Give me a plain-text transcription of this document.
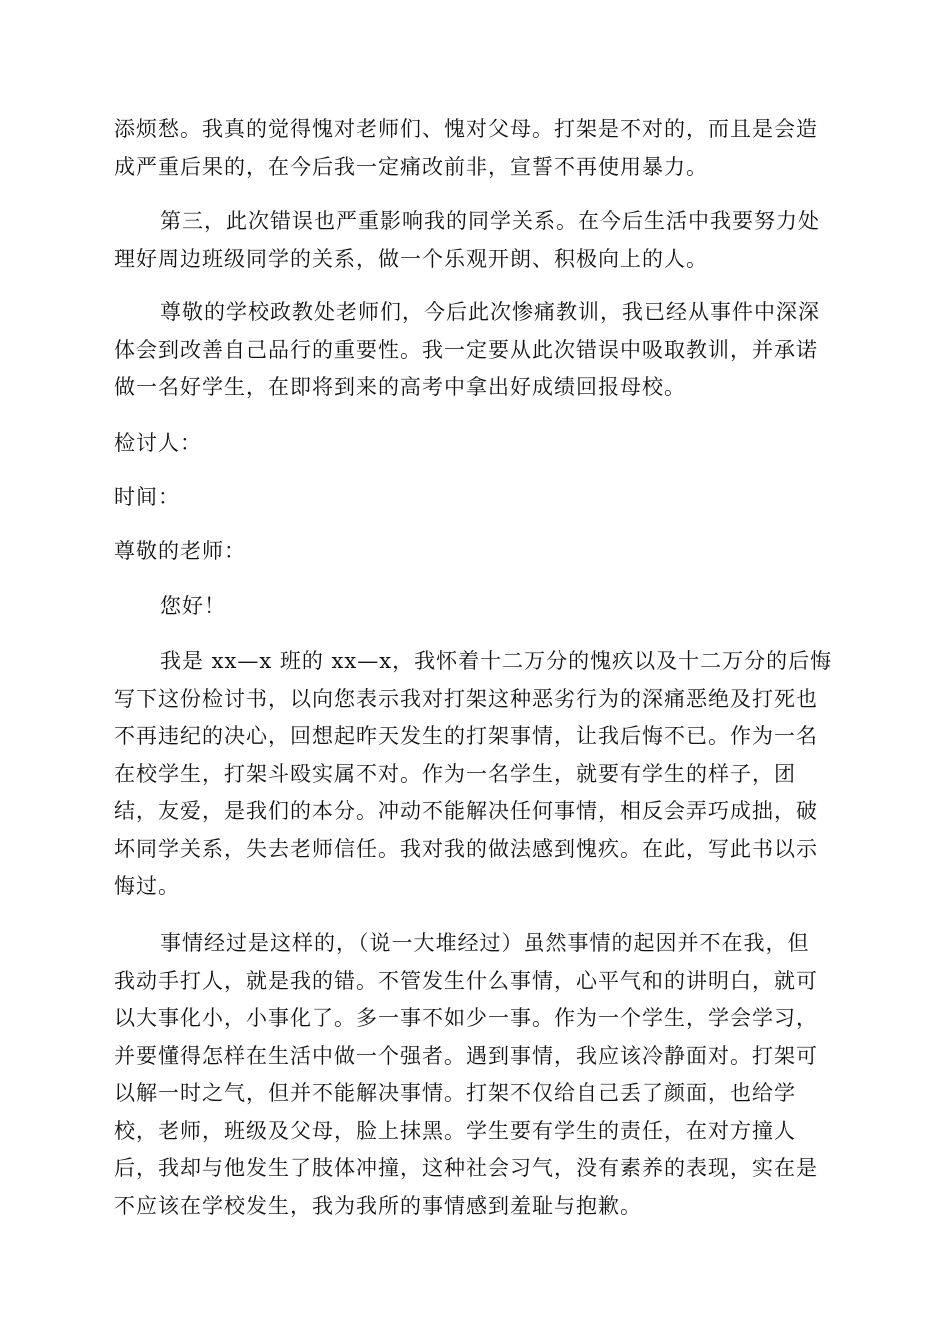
添烦愁。我真的觉得愧对老师们、愧对父母。打架是不对的，而且是会造
成严重后果的，在今后我一定痛改前非，宣誓不再使用暴力。
第三，此次错误也严重影响我的同学关系。在今后生活中我要努力处
理好周边班级同学的关系，做一个乐观开朗、积极向上的人。
尊敬的学校政教处老师们，今后此次惨痛教训，我已经从事件中深深
体会到改善自己品行的重要性。我一定要从此次错误中吸取教训，并承诺
做一名好学生，在即将到来的高考中拿出好成绩回报母校。
检讨人：
时间：
尊敬的老师：
您好！
我是 xx—x 班的 xx—x，我怀着十二万分的愧疚以及十二万分的后悔
写下这份检讨书，以向您表示我对打架这种恶劣行为的深痛恶绝及打死也
不再违纪的决心，回想起昨天发生的打架事情，让我后悔不已。作为一名
在校学生，打架斗殴实属不对。作为一名学生，就要有学生的样子，团
结，友爱，是我们的本分。冲动不能解决任何事情，相反会弄巧成拙，破
坏同学关系，失去老师信任。我对我的做法感到愧疚。在此，写此书以示
悔过。
事情经过是这样的，（说一大堆经过）虽然事情的起因并不在我，但
我动手打人，就是我的错。不管发生什么事情，心平气和的讲明白，就可
以大事化小，小事化了。多一事不如少一事。作为一个学生，学会学习，
并要懂得怎样在生活中做一个强者。遇到事情，我应该冷静面对。打架可
以解一时之气，但并不能解决事情。打架不仅给自己丢了颜面，也给学
校，老师，班级及父母，脸上抹黑。学生要有学生的责任，在对方撞人
后，我却与他发生了肢体冲撞，这种社会习气，没有素养的表现，实在是
不应该在学校发生，我为我所的事情感到羞耻与抱歉。
